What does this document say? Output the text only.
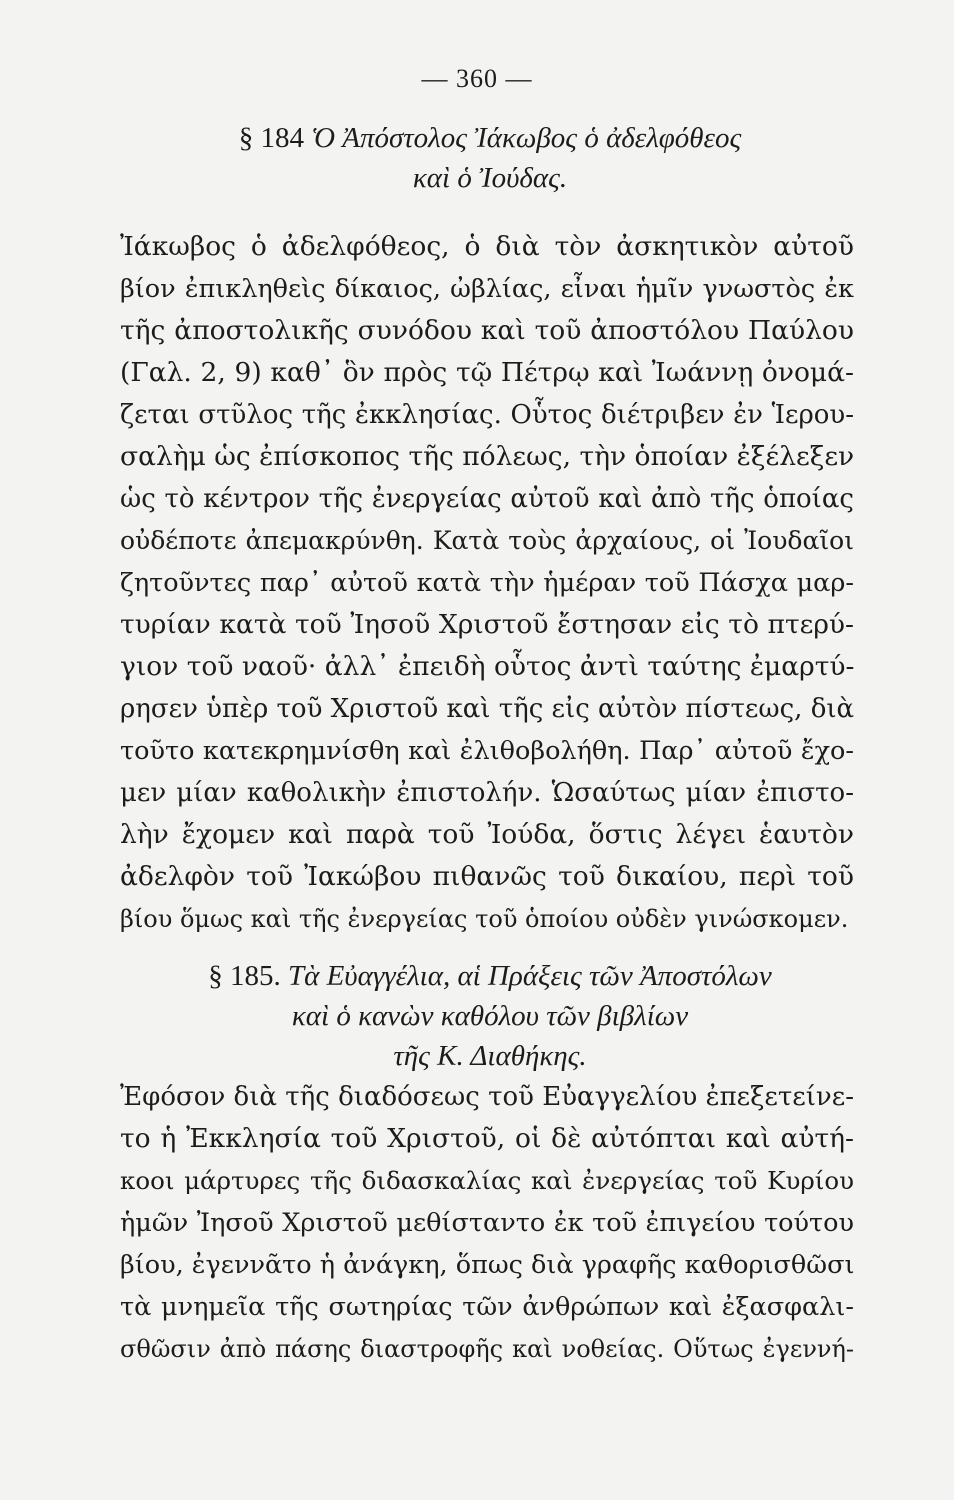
— 360 —
§ 184 Ὁ Ἀπόστολος Ἰάκωβος ὁ ἀδελφόθεος
καὶ ὁ Ἰούδας.
Ἰάκωβος ὁ ἀδελφόθεος, ὁ διὰ τὸν ἀσκητικὸν αὐτοῦ
βίον ἐπικληθεὶς δίκαιος, ὠβλίας, εἶναι ἡμῖν γνωστὸς ἐκ
τῆς ἀποστολικῆς συνόδου καὶ τοῦ ἀποστόλου Παύλου
(Γαλ. 2, 9) καθ᾽ ὃν πρὸς τῷ Πέτρῳ καὶ Ἰωάννῃ ὀνομά-
ζεται στῦλος τῆς ἐκκλησίας. Οὗτος διέτριβεν ἐν Ἱερου-
σαλὴμ ὡς ἐπίσκοπος τῆς πόλεως, τὴν ὁποίαν ἐξέλεξεν
ὡς τὸ κέντρον τῆς ἐνεργείας αὐτοῦ καὶ ἀπὸ τῆς ὁποίας
οὐδέποτε ἀπεμακρύνθη. Κατὰ τοὺς ἀρχαίους, οἱ Ἰουδαῖοι
ζητοῦντες παρ᾽ αὐτοῦ κατὰ τὴν ἡμέραν τοῦ Πάσχα μαρ-
τυρίαν κατὰ τοῦ Ἰησοῦ Χριστοῦ ἔστησαν εἰς τὸ πτερύ-
γιον τοῦ ναοῦ· ἀλλ᾽ ἐπειδὴ οὗτος ἀντὶ ταύτης ἐμαρτύ-
ρησεν ὑπὲρ τοῦ Χριστοῦ καὶ τῆς εἰς αὐτὸν πίστεως, διὰ
τοῦτο κατεκρημνίσθη καὶ ἐλιθοβολήθη. Παρ᾽ αὐτοῦ ἔχο-
μεν μίαν καθολικὴν ἐπιστολήν. Ὡσαύτως μίαν ἐπιστο-
λὴν ἔχομεν καὶ παρὰ τοῦ Ἰούδα, ὅστις λέγει ἑαυτὸν
ἀδελφὸν τοῦ Ἰακώβου πιθανῶς τοῦ δικαίου, περὶ τοῦ
βίου ὅμως καὶ τῆς ἐνεργείας τοῦ ὁποίου οὐδὲν γινώσκομεν.
§ 185. Τὰ Εὐαγγέλια, αἱ Πράξεις τῶν Ἀποστόλων
καὶ ὁ κανὼν καθόλου τῶν βιβλίων
τῆς Κ. Διαθήκης.
Ἐφόσον διὰ τῆς διαδόσεως τοῦ Εὐαγγελίου ἐπεξετείνε-
το ἡ Ἐκκλησία τοῦ Χριστοῦ, οἱ δὲ αὐτόπται καὶ αὐτή-
κοοι μάρτυρες τῆς διδασκαλίας καὶ ἐνεργείας τοῦ Κυρίου
ἡμῶν Ἰησοῦ Χριστοῦ μεθίσταντο ἐκ τοῦ ἐπιγείου τούτου
βίου, ἐγεννᾶτο ἡ ἀνάγκη, ὅπως διὰ γραφῆς καθορισθῶσι
τὰ μνημεῖα τῆς σωτηρίας τῶν ἀνθρώπων καὶ ἐξασφαλι-
σθῶσιν ἀπὸ πάσης διαστροφῆς καὶ νοθείας. Οὕτως ἐγεννή-
